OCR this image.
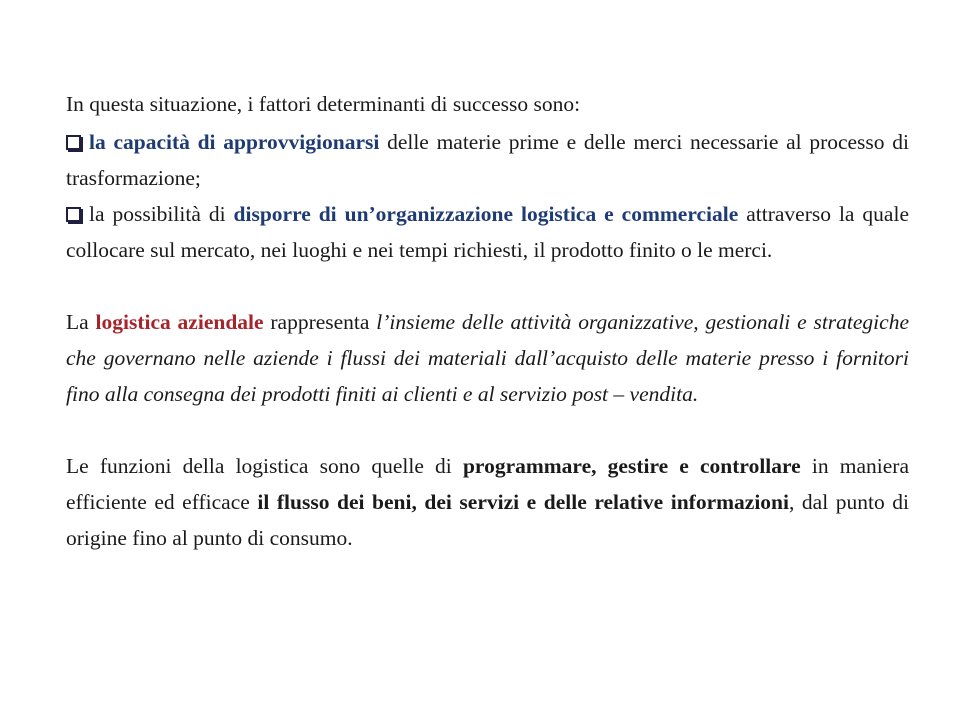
In questa situazione, i fattori determinanti di successo sono:

la capacità di approvvigionarsi delle materie prime e delle merci necessarie al processo di trasformazione;

la possibilità di disporre di un’organizzazione logistica e commerciale attraverso la quale collocare sul mercato, nei luoghi e nei tempi richiesti, il prodotto finito o le merci.

La logistica aziendale rappresenta l’insieme delle attività organizzative, gestionali e strategiche che governano nelle aziende i flussi dei materiali dall’acquisto delle materie presso i fornitori fino alla consegna dei prodotti finiti ai clienti e al servizio post – vendita.

Le funzioni della logistica sono quelle di programmare, gestire e controllare in maniera efficiente ed efficace il flusso dei beni, dei servizi e delle relative informazioni, dal punto di origine fino al punto di consumo.
